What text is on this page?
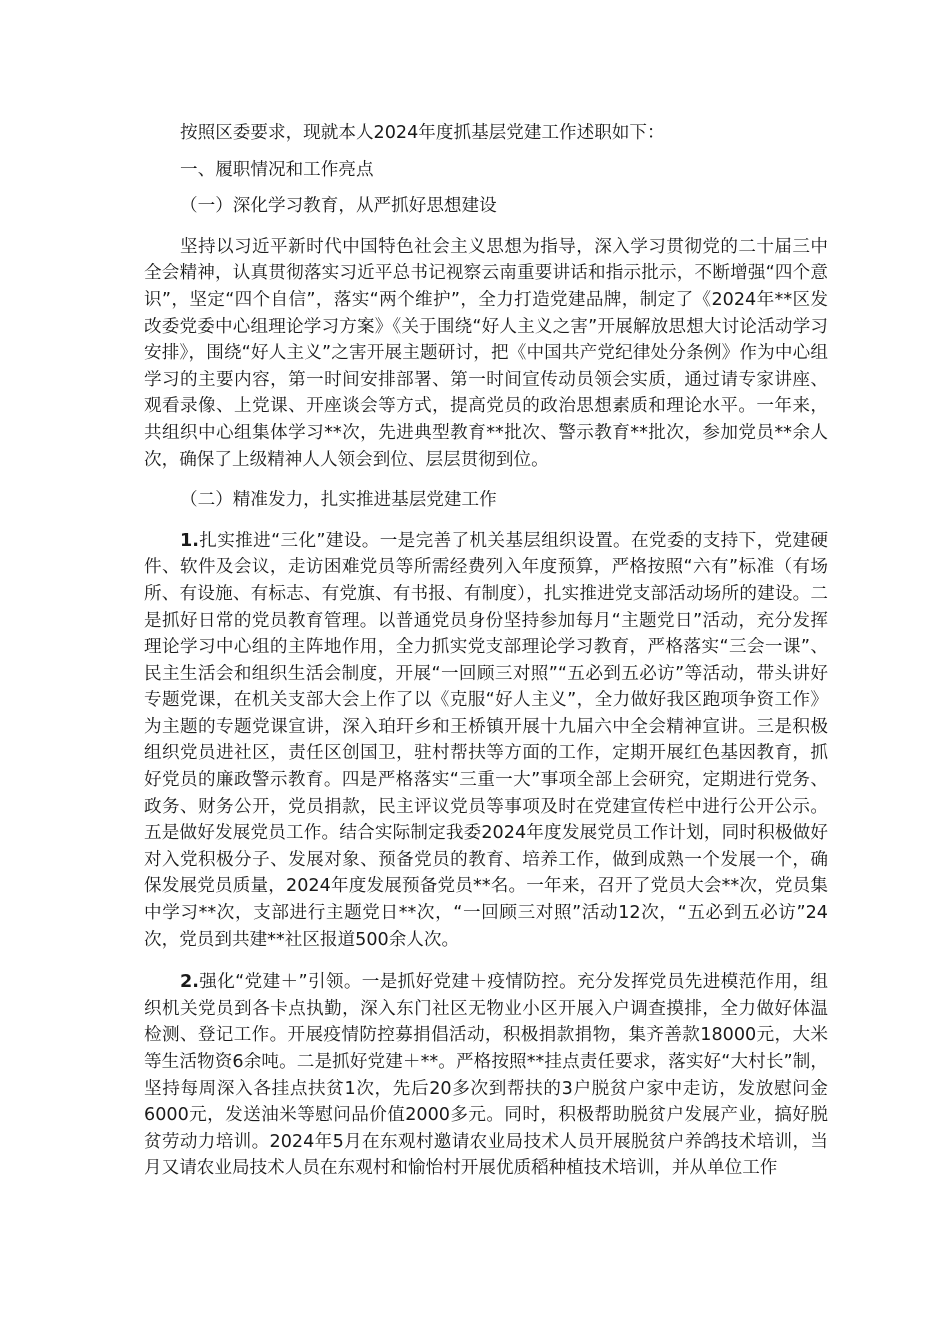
按照区委要求，现就本人2024年度抓基层党建工作述职如下：

一、履职情况和工作亮点

（一）深化学习教育，从严抓好思想建设

坚持以习近平新时代中国特色社会主义思想为指导，深入学习贯彻党的二十届三中全会精神，认真贯彻落实习近平总书记视察云南重要讲话和指示批示，不断增强“四个意识”，坚定“四个自信”，落实“两个维护”，全力打造党建品牌，制定了《2024年**区发改委党委中心组理论学习方案》《关于围绕“好人主义之害”开展解放思想大讨论活动学习安排》，围绕“好人主义”之害开展主题研讨，把《中国共产党纪律处分条例》作为中心组学习的主要内容，第一时间安排部署、第一时间宣传动员领会实质，通过请专家讲座、观看录像、上党课、开座谈会等方式，提高党员的政治思想素质和理论水平。一年来，共组织中心组集体学习**次，先进典型教育**批次、警示教育**批次，参加党员**余人次，确保了上级精神人人领会到位、层层贯彻到位。

（二）精准发力，扎实推进基层党建工作

1.扎实推进“三化”建设。一是完善了机关基层组织设置。在党委的支持下，党建硬件、软件及会议，走访困难党员等所需经费列入年度预算，严格按照“六有”标准（有场所、有设施、有标志、有党旗、有书报、有制度），扎实推进党支部活动场所的建设。二是抓好日常的党员教育管理。以普通党员身份坚持参加每月“主题党日”活动，充分发挥理论学习中心组的主阵地作用，全力抓实党支部理论学习教育，严格落实“三会一课”、民主生活会和组织生活会制度，开展“一回顾三对照”“五必到五必访”等活动，带头讲好专题党课，在机关支部大会上作了以《克服“好人主义”，全力做好我区跑项争资工作》为主题的专题党课宣讲，深入珀玕乡和王桥镇开展十九届六中全会精神宣讲。三是积极组织党员进社区，责任区创国卫，驻村帮扶等方面的工作，定期开展红色基因教育，抓好党员的廉政警示教育。四是严格落实“三重一大”事项全部上会研究，定期进行党务、政务、财务公开，党员捐款，民主评议党员等事项及时在党建宣传栏中进行公开公示。五是做好发展党员工作。结合实际制定我委2024年度发展党员工作计划，同时积极做好对入党积极分子、发展对象、预备党员的教育、培养工作，做到成熟一个发展一个，确保发展党员质量，2024年度发展预备党员**名。一年来，召开了党员大会**次，党员集中学习**次，支部进行主题党日**次，“一回顾三对照”活动12次，“五必到五必访”24次，党员到共建**社区报道500余人次。

2.强化“党建＋”引领。一是抓好党建＋疫情防控。充分发挥党员先进模范作用，组织机关党员到各卡点执勤，深入东门社区无物业小区开展入户调查摸排，全力做好体温检测、登记工作。开展疫情防控募捐倡活动，积极捐款捐物，集齐善款18000元，大米等生活物资6余吨。二是抓好党建＋**。严格按照**挂点责任要求，落实好“大村长”制，坚持每周深入各挂点扶贫1次，先后20多次到帮扶的3户脱贫户家中走访，发放慰问金6000元，发送油米等慰问品价值2000多元。同时，积极帮助脱贫户发展产业，搞好脱贫劳动力培训。2024年5月在东观村邀请农业局技术人员开展脱贫户养鸽技术培训，当月又请农业局技术人员在东观村和愉怡村开展优质稻种植技术培训，并从单位工作
